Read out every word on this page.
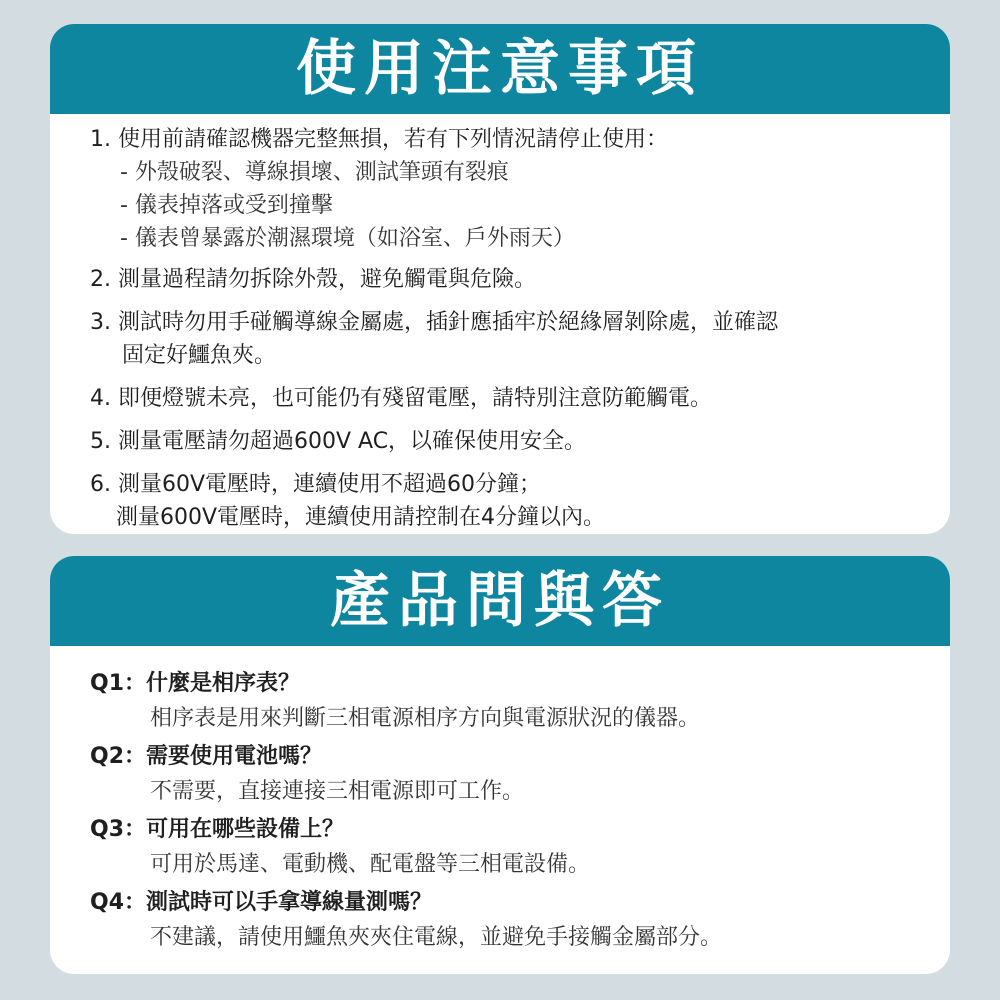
使用注意事項
1. 使用前請確認機器完整無損，若有下列情況請停止使用：
- 外殼破裂、導線損壞、測試筆頭有裂痕
- 儀表掉落或受到撞擊
- 儀表曾暴露於潮濕環境（如浴室、戶外雨天）
2. 測量過程請勿拆除外殼，避免觸電與危險。
3. 測試時勿用手碰觸導線金屬處，插針應插牢於絕緣層剝除處，並確認
固定好鱷魚夾。
4. 即便燈號未亮，也可能仍有殘留電壓，請特別注意防範觸電。
5. 測量電壓請勿超過600V AC，以確保使用安全。
6. 測量60V電壓時，連續使用不超過60分鐘；
測量600V電壓時，連續使用請控制在4分鐘以內。
產品問與答
Q1：什麼是相序表？
相序表是用來判斷三相電源相序方向與電源狀況的儀器。
Q2：需要使用電池嗎？
不需要，直接連接三相電源即可工作。
Q3：可用在哪些設備上？
可用於馬達、電動機、配電盤等三相電設備。
Q4：測試時可以手拿導線量測嗎？
不建議，請使用鱷魚夾夾住電線，並避免手接觸金屬部分。
